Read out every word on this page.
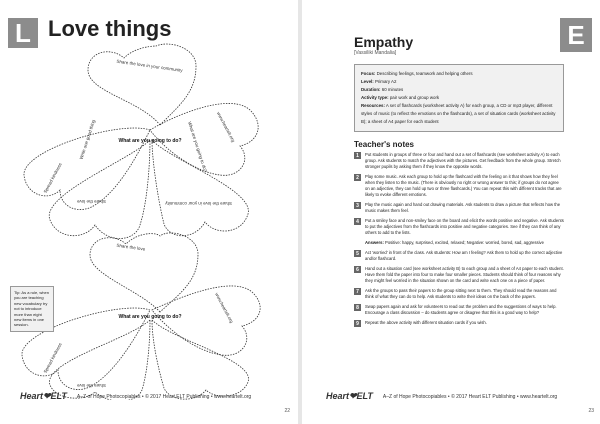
L Love things
Share the love in your community
Spread kindness
Write one good thing	www.heartelt.org
What are you going to do?
Share the love	Share the love in your community
Share the love
Spread kindness
www.heartelt.org
Share the love
What are you going to do?
What are you going to do?
Tip: As a rule, when you are teaching new vocabulary try not to introduce more than eight new items in one session.
Heart❤ELT A–Z of Hope Photocopiables • © 2017 Heart ELT Publishing • www.heartelt.org
22
E
Empathy
[Vassiliki Mandalia]
Focus: Describing feelings, teamwork and helping others
Level: Primary A2
Duration: 60 minutes
Activity type: pair work and group work
Resources: A set of flashcards (worksheet activity A) for each group, a CD or mp3 player, different styles of music (to reflect the emotions on the flashcards), a set of situation cards (worksheet activity B); a sheet of A4 paper for each student
Teacher's notes
1	Put students in groups of three or four and hand out a set of flashcards (see worksheet activity A) to each group. Ask students to match the adjectives with the pictures. Get feedback from the whole group. Stretch stronger pupils by asking them if they know the opposite words.
2	Play some music. Ask each group to hold up the flashcard with the feeling on it that shows how they feel when they listen to the music. (There is obviously no right or wrong answer to this; if groups do not agree on an adjective, they can hold up two or three flashcards.) You can repeat this with different tracks that are likely to evoke different emotions.
3	Play the music again and hand out drawing materials. Ask students to draw a picture that reflects how the music makes them feel.
4	Put a smiley face and non-smiley face on the board and elicit the words positive and negative. Ask students to put the adjectives from the flashcards into positive and negative categories. See if they can think of any others to add to the lists.
Answers: Positive: happy, surprised, excited, relaxed; Negative: worried, bored, sad, aggressive
5	Act 'worried' in front of the class. Ask students: How am I feeling? Ask them to hold up the correct adjective and/or flashcard.
6	Hand out a situation card (see worksheet activity B) to each group and a sheet of A4 paper to each student. Have them fold the paper into four to make four smaller pieces. Students should think of four reasons why they might feel worried in the situation shown on the card and write each one on a piece of paper.
7	Ask the groups to pass their papers to the group sitting next to them. They should read the reasons and think of what they can do to help. Ask students to write their ideas on the back of the papers.
8	Swap papers again and ask for volunteers to read out the problem and the suggestions of ways to help. Encourage a class discussion – do students agree or disagree that this is a good way to help?
9	Repeat the above activity with different situation cards if you wish.
Heart❤ELT A–Z of Hope Photocopiables • © 2017 Heart ELT Publishing • www.heartelt.org
23
